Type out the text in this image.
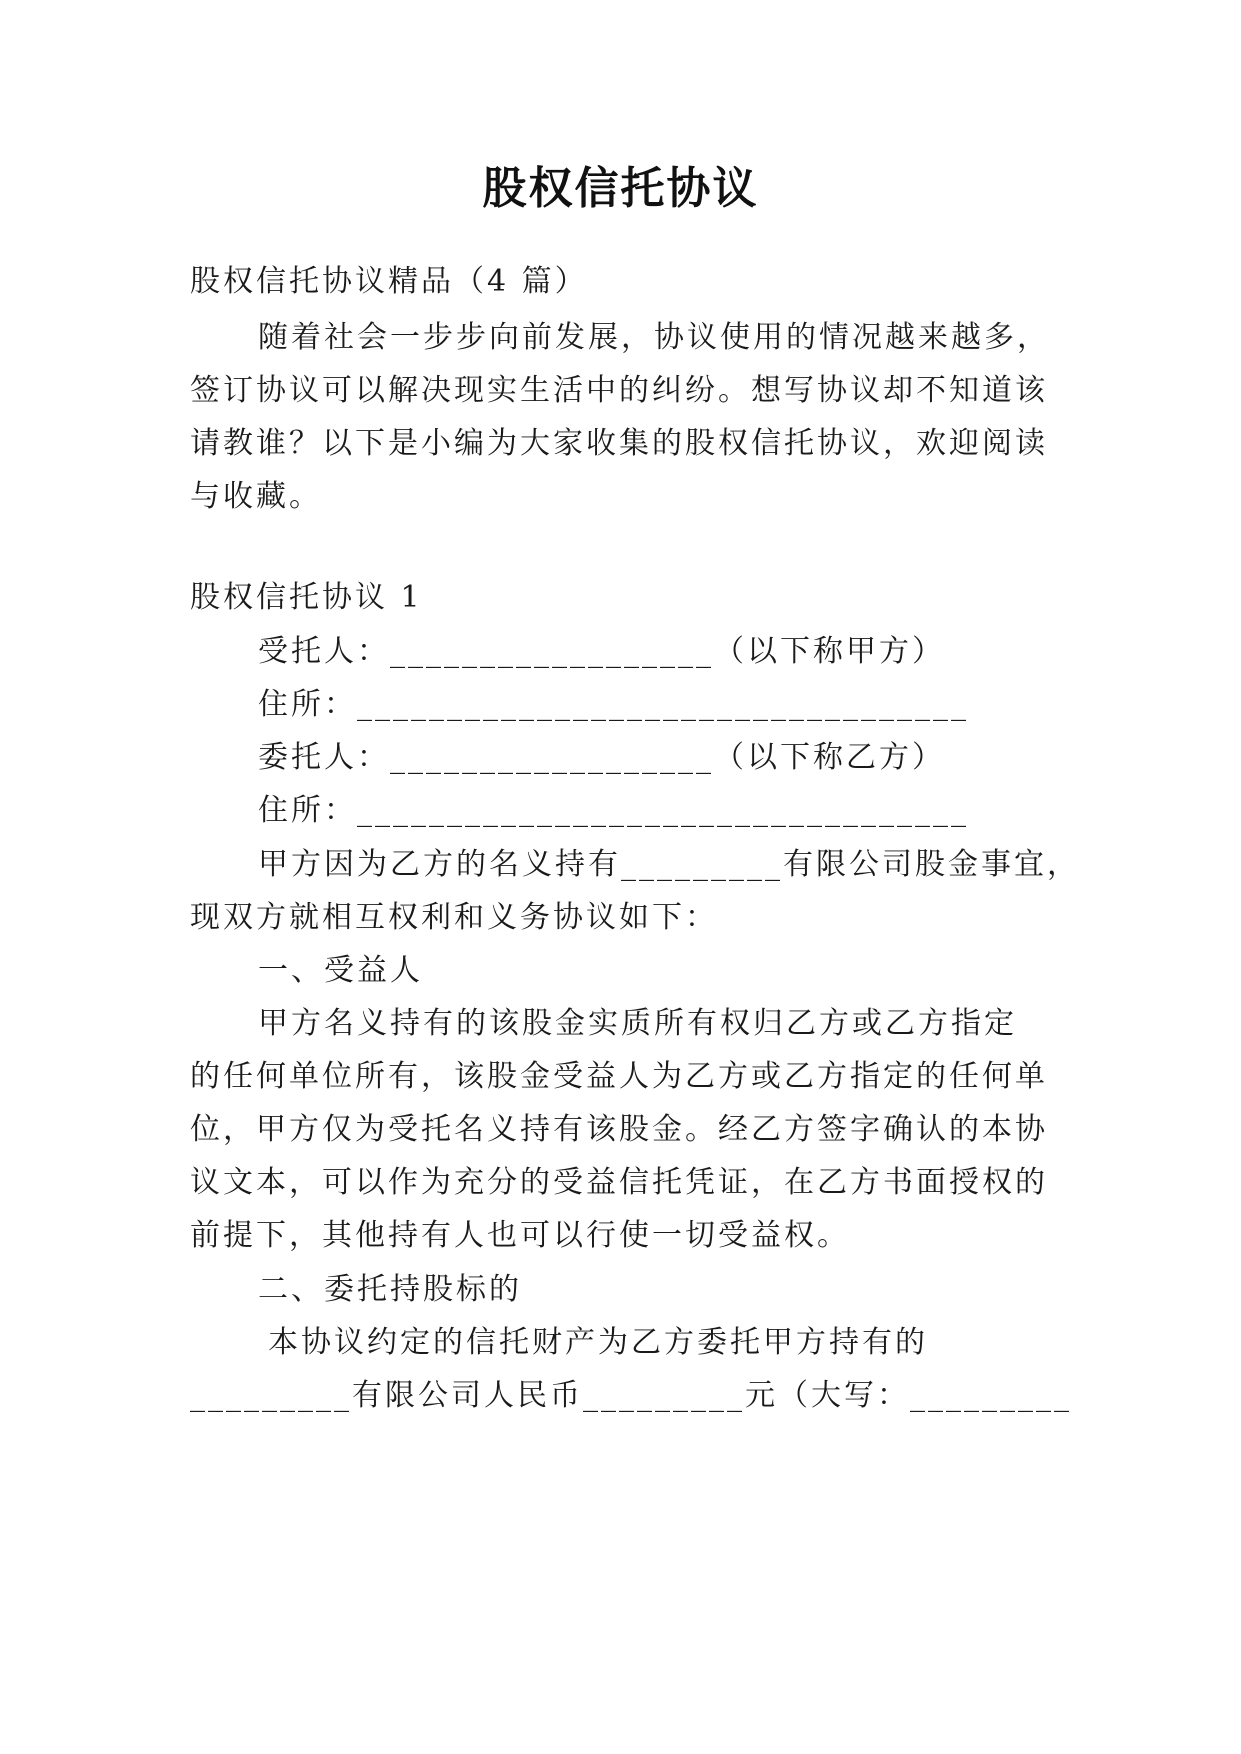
股权信托协议
股权信托协议精品（4 篇）
随着社会一步步向前发展，协议使用的情况越来越多，
签订协议可以解决现实生活中的纠纷。想写协议却不知道该
请教谁？以下是小编为大家收集的股权信托协议，欢迎阅读
与收藏。
股权信托协议 1
受托人：__________________（以下称甲方）
住所：__________________________________
委托人：__________________（以下称乙方）
住所：__________________________________
甲方因为乙方的名义持有_________有限公司股金事宜，
现双方就相互权利和义务协议如下：
一、受益人
甲方名义持有的该股金实质所有权归乙方或乙方指定
的任何单位所有，该股金受益人为乙方或乙方指定的任何单
位，甲方仅为受托名义持有该股金。经乙方签字确认的本协
议文本，可以作为充分的受益信托凭证，在乙方书面授权的
前提下，其他持有人也可以行使一切受益权。
二、委托持股标的
本协议约定的信托财产为乙方委托甲方持有的
_________有限公司人民币_________元（大写：_________
